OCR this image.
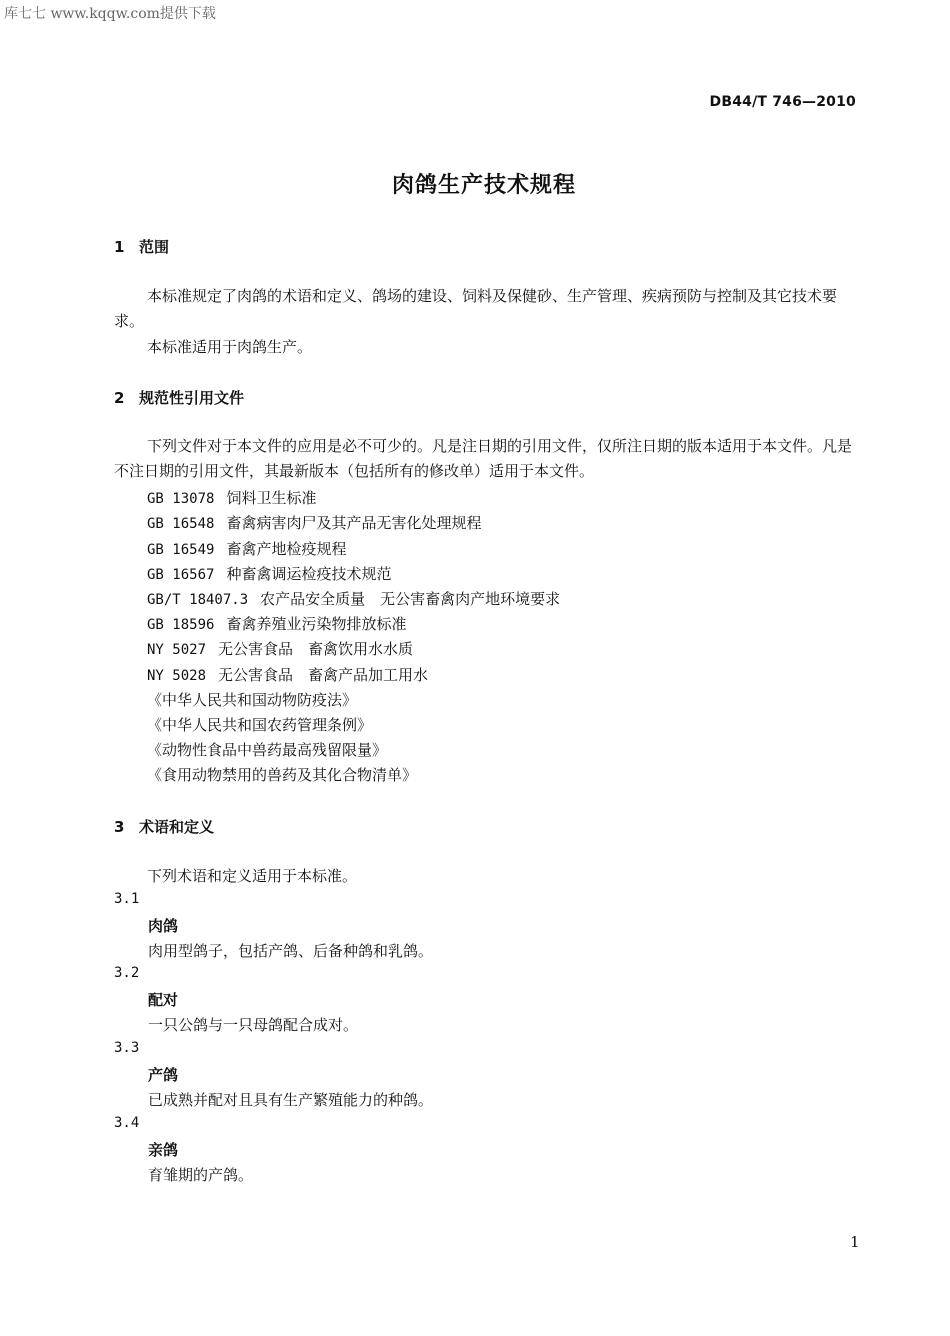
库七七 www.kqqw.com提供下载
DB44/T 746—2010
肉鸽生产技术规程
1 范围
本标准规定了肉鸽的术语和定义、鸽场的建设、饲料及保健砂、生产管理、疾病预防与控制及其它技术要求。
本标准适用于肉鸽生产。
2 规范性引用文件
下列文件对于本文件的应用是必不可少的。凡是注日期的引用文件，仅所注日期的版本适用于本文件。凡是不注日期的引用文件，其最新版本（包括所有的修改单）适用于本文件。
GB 13078 饲料卫生标准
GB 16548 畜禽病害肉尸及其产品无害化处理规程
GB 16549 畜禽产地检疫规程
GB 16567 种畜禽调运检疫技术规范
GB/T 18407.3 农产品安全质量　无公害畜禽肉产地环境要求
GB 18596 畜禽养殖业污染物排放标准
NY 5027 无公害食品　畜禽饮用水水质
NY 5028 无公害食品　畜禽产品加工用水
《中华人民共和国动物防疫法》
《中华人民共和国农药管理条例》
《动物性食品中兽药最高残留限量》
《食用动物禁用的兽药及其化合物清单》
3 术语和定义
下列术语和定义适用于本标准。
3.1
肉鸽
肉用型鸽子，包括产鸽、后备种鸽和乳鸽。
3.2
配对
一只公鸽与一只母鸽配合成对。
3.3
产鸽
已成熟并配对且具有生产繁殖能力的种鸽。
3.4
亲鸽
育雏期的产鸽。
1
